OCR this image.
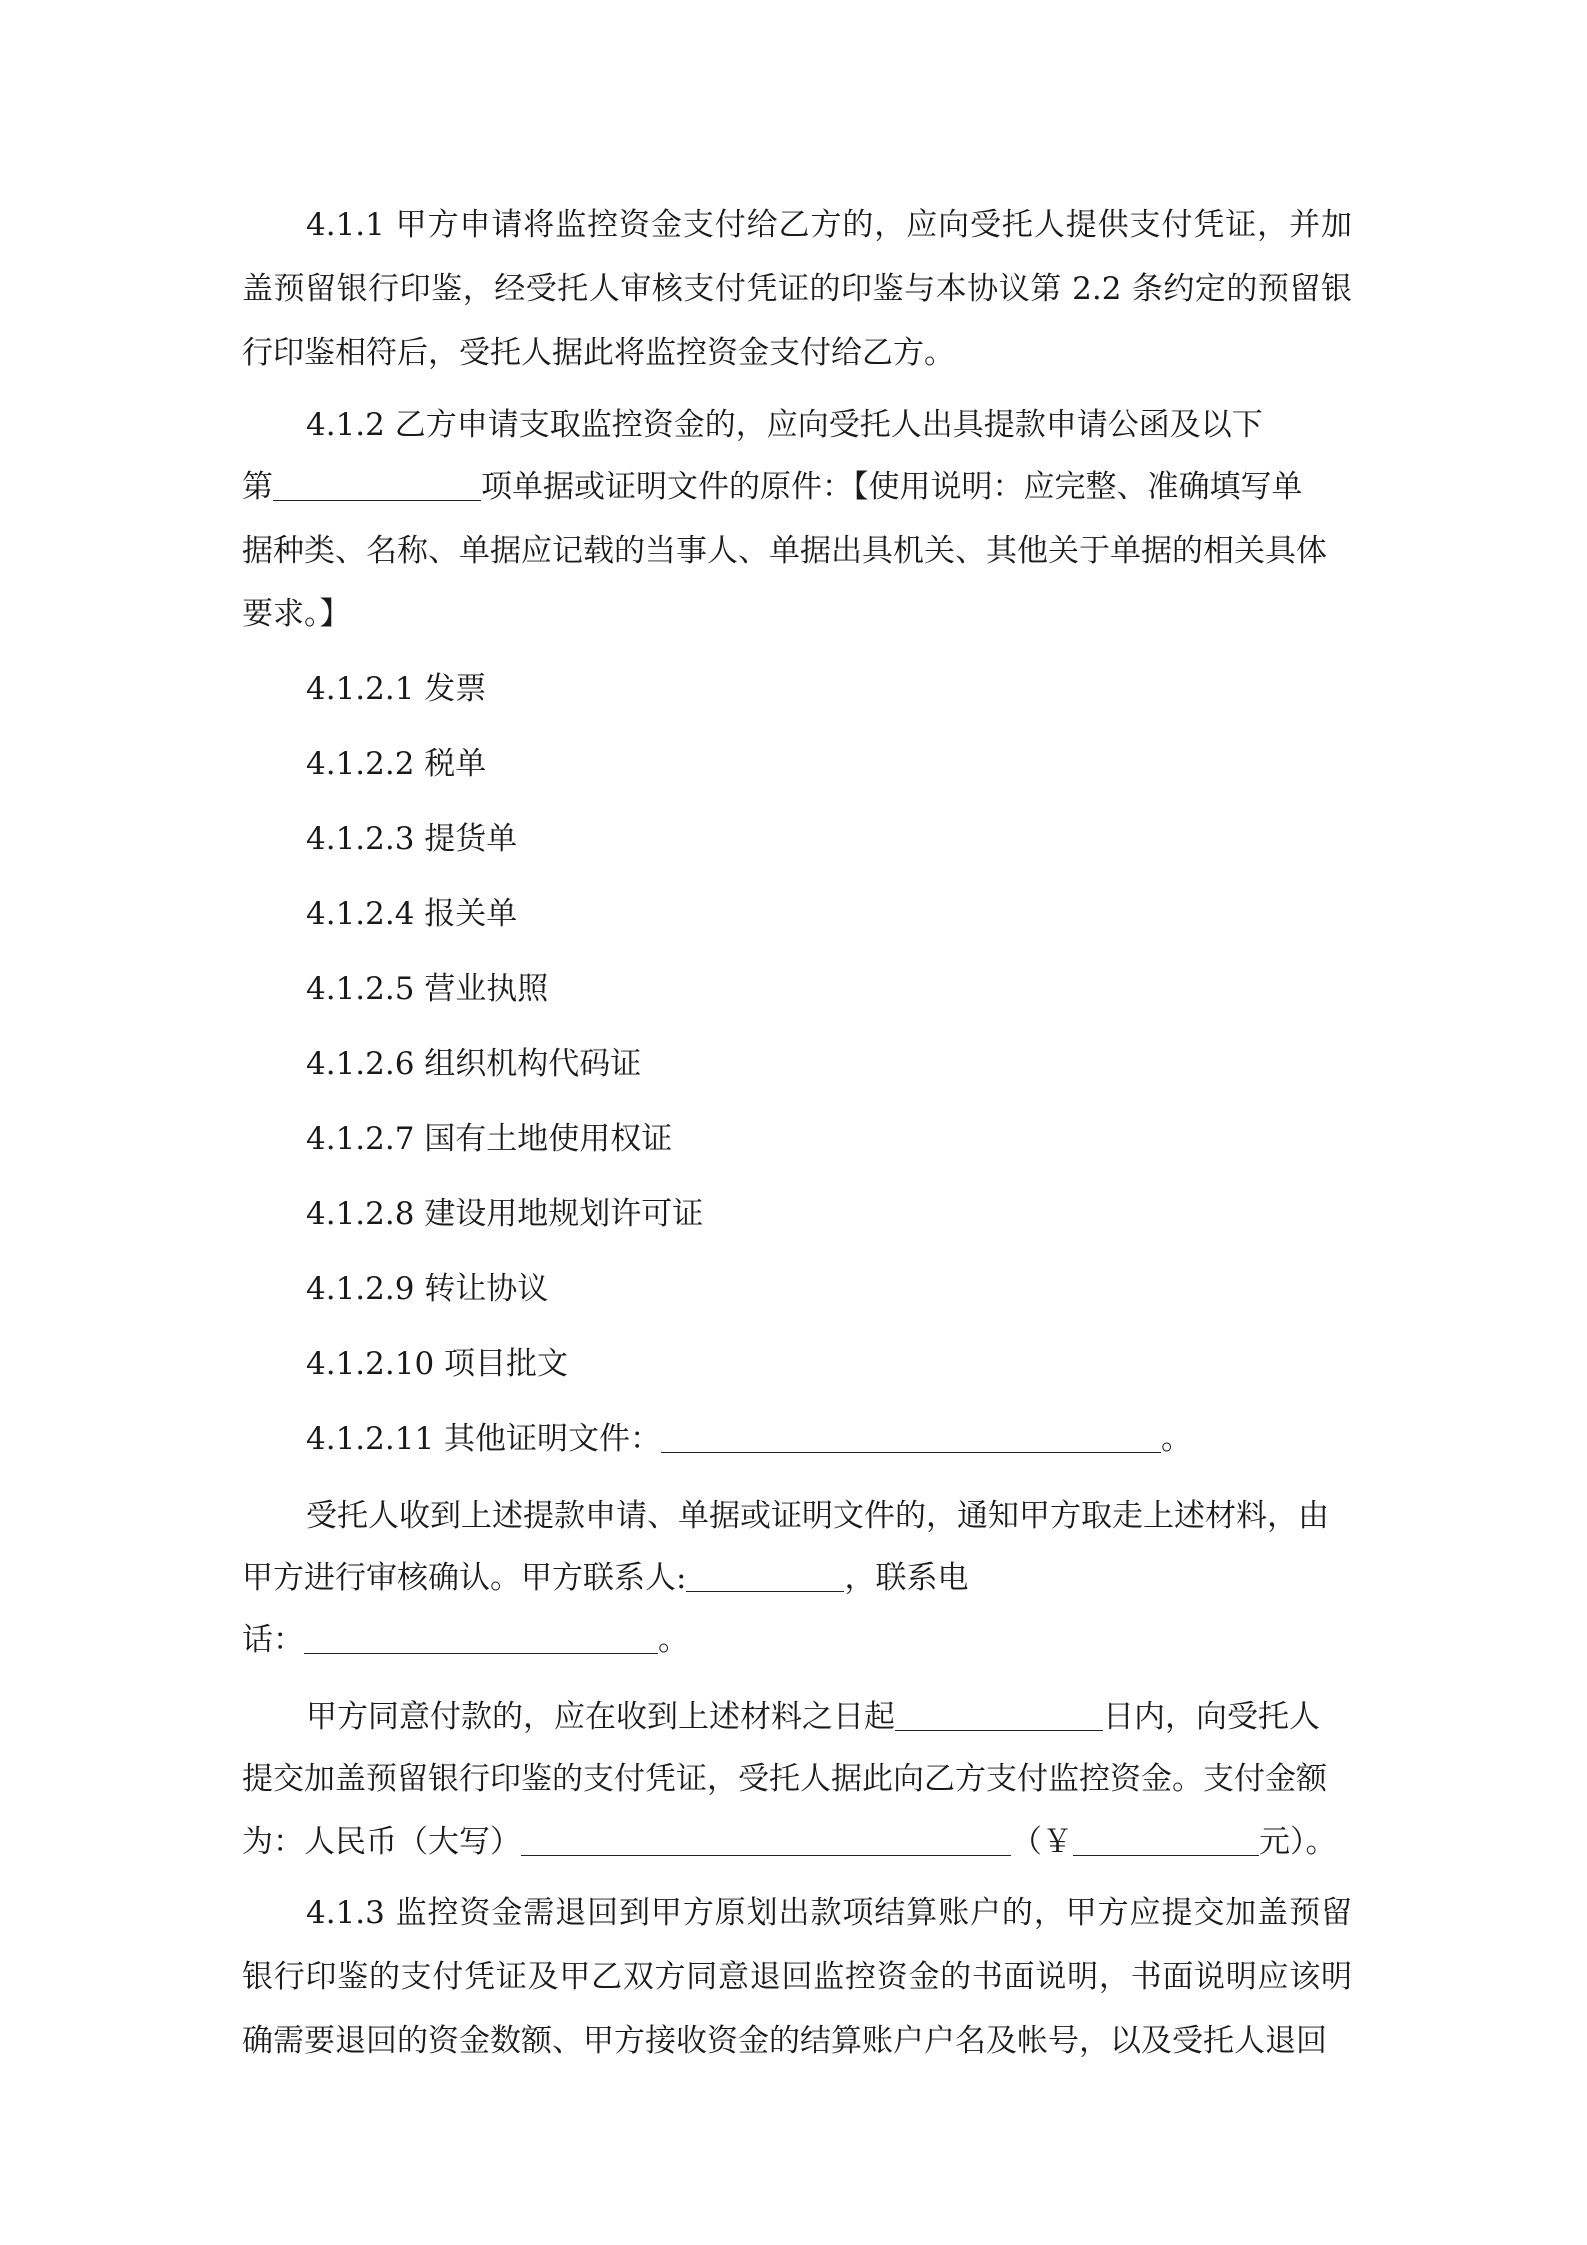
4.1.1 甲方申请将监控资金支付给乙方的，应向受托人提供支付凭证，并加盖预留银行印鉴，经受托人审核支付凭证的印鉴与本协议第 2.2 条约定的预留银行印鉴相符后，受托人据此将监控资金支付给乙方。
4.1.2 乙方申请支取监控资金的，应向受托人出具提款申请公函及以下
第	项单据或证明文件的原件：【使用说明：应完整、准确填写单
据种类、名称、单据应记载的当事人、单据出具机关、其他关于单据的相关具体
要求。】
4.1.2.1 发票
4.1.2.2 税单
4.1.2.3 提货单
4.1.2.4 报关单
4.1.2.5 营业执照
4.1.2.6 组织机构代码证
4.1.2.7 国有土地使用权证
4.1.2.8 建设用地规划许可证
4.1.2.9 转让协议
4.1.2.10 项目批文
4.1.2.11 其他证明文件：	。
受托人收到上述提款申请、单据或证明文件的，通知甲方取走上述材料，由
甲方进行审核确认。甲方联系人:	，联系电
话：	。
甲方同意付款的，应在收到上述材料之日起	日内，向受托人
提交加盖预留银行印鉴的支付凭证，受托人据此向乙方支付监控资金。支付金额
为：人民币（大写）	（￥	元）。
4.1.3 监控资金需退回到甲方原划出款项结算账户的，甲方应提交加盖预留银行印鉴的支付凭证及甲乙双方同意退回监控资金的书面说明，书面说明应该明确需要退回的资金数额、甲方接收资金的结算账户户名及帐号，以及受托人退回
